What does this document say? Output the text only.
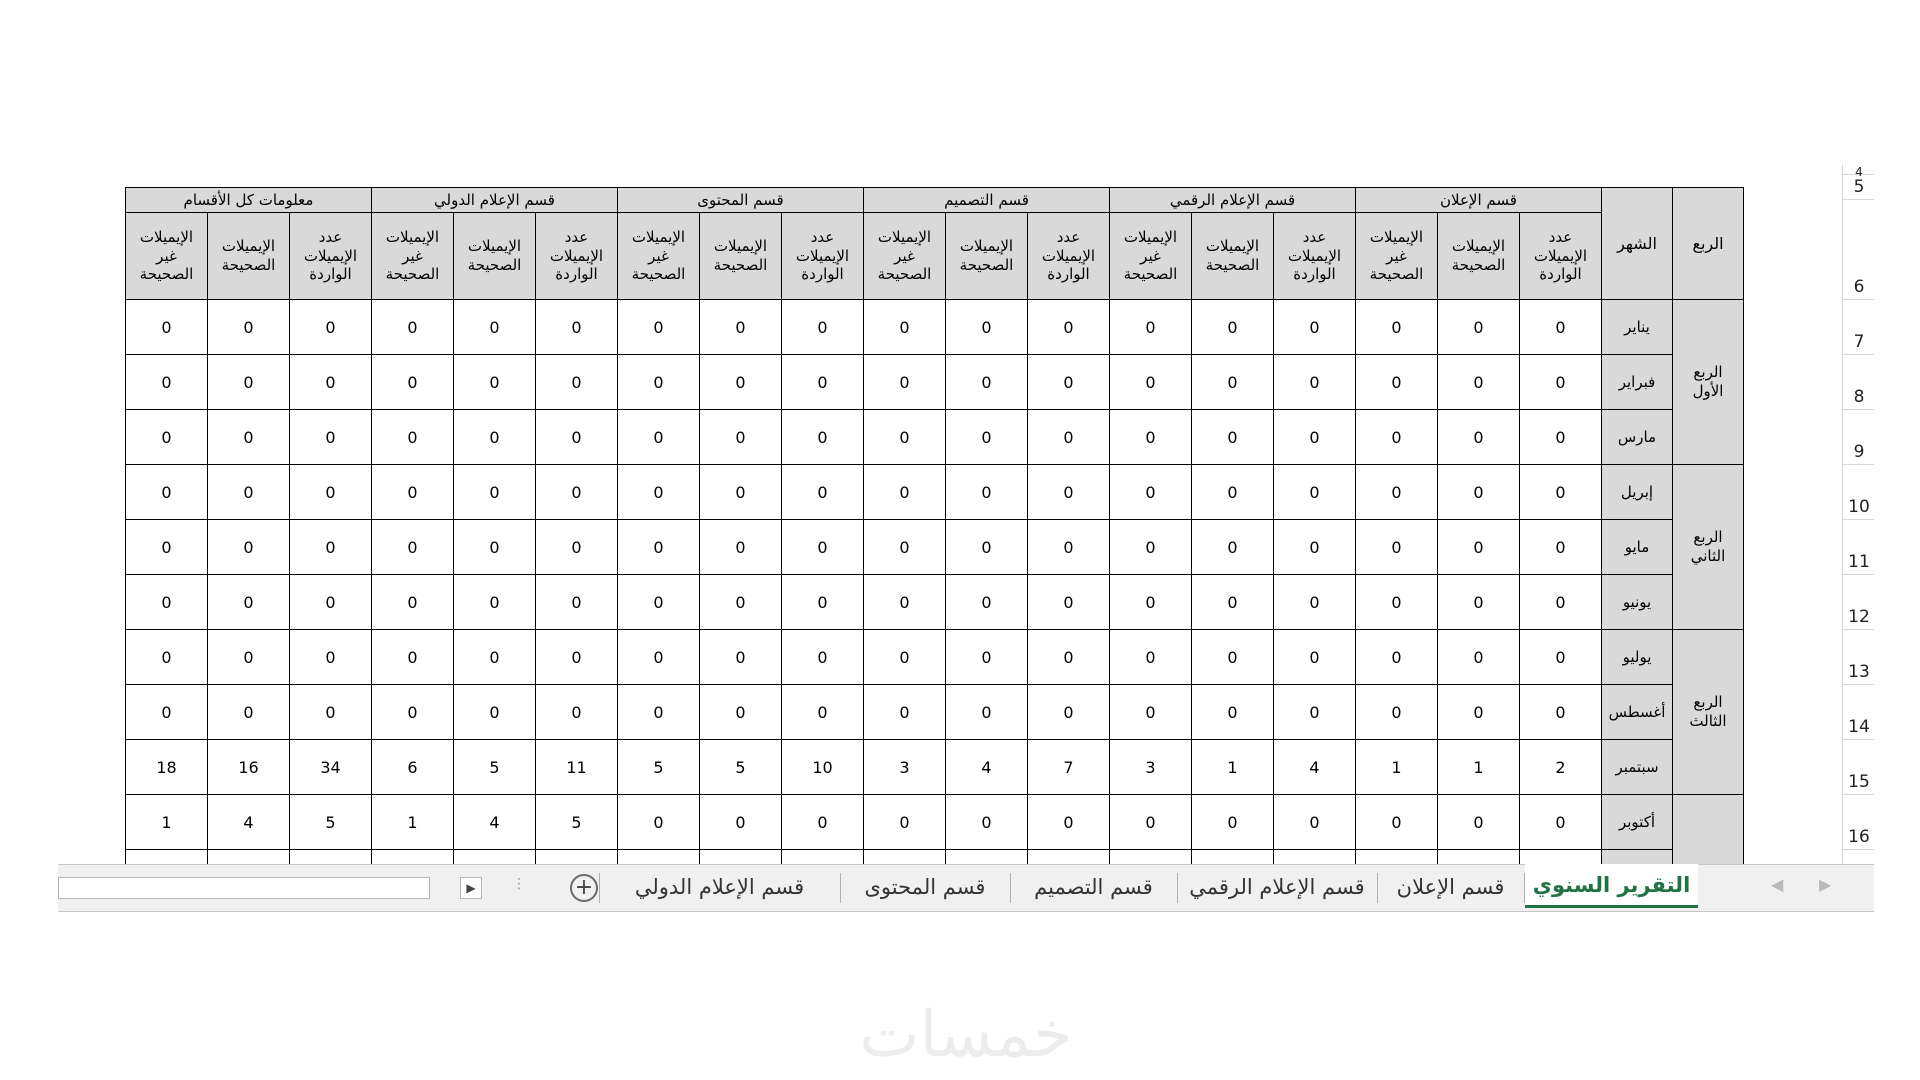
الربع	الشهر	قسم الإعلان			قسم الإعلام الرقمي			قسم التصميم			قسم المحتوى			قسم الإعلام الدولي			معلومات كل الأقسام		
		عدد الإيميلات الواردة	الإيميلات الصحيحة	الإيميلات غير الصحيحة	عدد الإيميلات الواردة	الإيميلات الصحيحة	الإيميلات غير الصحيحة	عدد الإيميلات الواردة	الإيميلات الصحيحة	الإيميلات غير الصحيحة	عدد الإيميلات الواردة	الإيميلات الصحيحة	الإيميلات غير الصحيحة	عدد الإيميلات الواردة	الإيميلات الصحيحة	الإيميلات غير الصحيحة	عدد الإيميلات الواردة	الإيميلات الصحيحة	الإيميلات غير الصحيحة
الربع الأول	يناير	0	0	0	0	0	0	0	0	0	0	0	0	0	0	0	0	0	0
	فبراير	0	0	0	0	0	0	0	0	0	0	0	0	0	0	0	0	0	0
	مارس	0	0	0	0	0	0	0	0	0	0	0	0	0	0	0	0	0	0
الربع الثاني	إبريل	0	0	0	0	0	0	0	0	0	0	0	0	0	0	0	0	0	0
	مايو	0	0	0	0	0	0	0	0	0	0	0	0	0	0	0	0	0	0
	يونيو	0	0	0	0	0	0	0	0	0	0	0	0	0	0	0	0	0	0
الربع الثالث	يوليو	0	0	0	0	0	0	0	0	0	0	0	0	0	0	0	0	0	0
	أغسطس	0	0	0	0	0	0	0	0	0	0	0	0	0	0	0	0	0	0
	سبتمبر	2	1	1	4	1	3	7	4	3	10	5	5	11	5	6	34	16	18
	أكتوبر	0	0	0	0	0	0	0	0	0	0	0	0	5	4	1	5	4	1

4
5
6
7
8
9
10
11
12
13
14
15
16
▶	⋮ +	التقرير السنوي
قسم الإعلان
قسم الإعلام الرقمي
قسم التصميم
قسم المحتوى
قسم الإعلام الدولي	◀ ▶
خمسات
